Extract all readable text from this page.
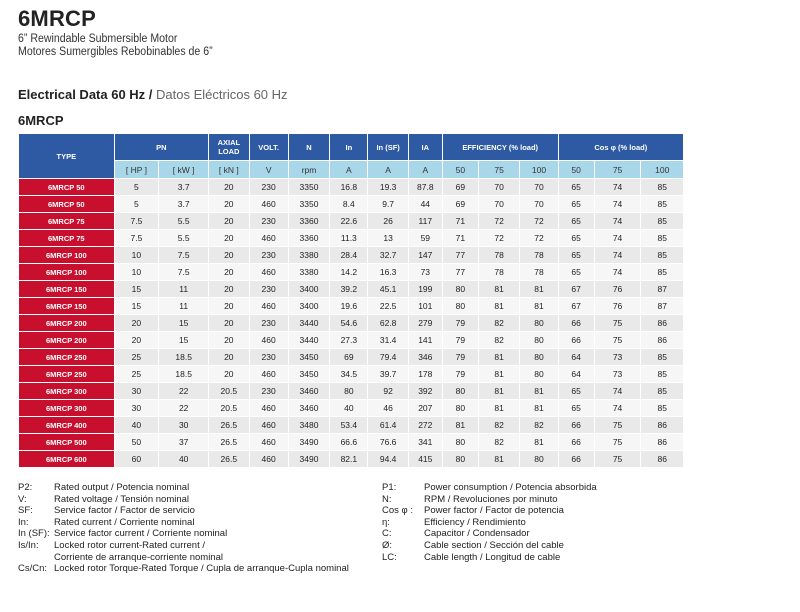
6MRCP
6” Rewindable Submersible Motor
Motores Sumergibles Rebobinables de 6”
Electrical Data 60 Hz / Datos Eléctricos 60 Hz
6MRCP
TYPE	PN		AXIAL LOAD	VOLT.	N	In	In (SF)	IA	EFFICIENCY (% load)			Cos φ (% load)		
	[ HP ]	[ kW ]	[ kN ]	V	rpm	A	A	A	50	75	100	50	75	100
6MRCP 50	5	3.7	20	230	3350	16.8	19.3	87.8	69	70	70	65	74	85
6MRCP 50	5	3.7	20	460	3350	8.4	9.7	44	69	70	70	65	74	85
6MRCP 75	7.5	5.5	20	230	3360	22.6	26	117	71	72	72	65	74	85
6MRCP 75	7.5	5.5	20	460	3360	11.3	13	59	71	72	72	65	74	85
6MRCP 100	10	7.5	20	230	3380	28.4	32.7	147	77	78	78	65	74	85
6MRCP 100	10	7.5	20	460	3380	14.2	16.3	73	77	78	78	65	74	85
6MRCP 150	15	11	20	230	3400	39.2	45.1	199	80	81	81	67	76	87
6MRCP 150	15	11	20	460	3400	19.6	22.5	101	80	81	81	67	76	87
6MRCP 200	20	15	20	230	3440	54.6	62.8	279	79	82	80	66	75	86
6MRCP 200	20	15	20	460	3440	27.3	31.4	141	79	82	80	66	75	86
6MRCP 250	25	18.5	20	230	3450	69	79.4	346	79	81	80	64	73	85
6MRCP 250	25	18.5	20	460	3450	34.5	39.7	178	79	81	80	64	73	85
6MRCP 300	30	22	20.5	230	3460	80	92	392	80	81	81	65	74	85
6MRCP 300	30	22	20.5	460	3460	40	46	207	80	81	81	65	74	85
6MRCP 400	40	30	26.5	460	3480	53.4	61.4	272	81	82	82	66	75	86
6MRCP 500	50	37	26.5	460	3490	66.6	76.6	341	80	82	81	66	75	86
6MRCP 600	60	40	26.5	460	3490	82.1	94.4	415	80	81	80	66	75	86
P2:	Rated output / Potencia nominal
V:	Rated voltage / Tensión nominal
SF:	Service factor / Factor de servicio
In:	Rated current / Corriente nominal
In (SF): Service factor current / Corriente nominal
Is/In:	Locked rotor current-Rated current /
Corriente de arranque-corriente nominal
Cs/Cn: Locked rotor Torque-Rated Torque / Cupla de arranque-Cupla nominal
P1:	Power consumption / Potencia absorbida
N:	RPM / Revoluciones por minuto
Cos φ :	Power factor / Factor de potencia
η:	Efficiency / Rendimiento
C:	Capacitor / Condensador
Ø:	Cable section / Sección del cable
LC:	Cable length / Longitud de cable
